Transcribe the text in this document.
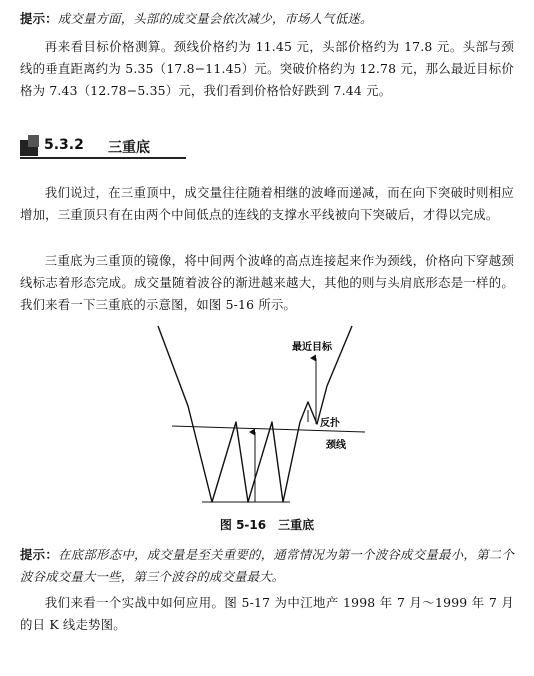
提示：成交量方面，头部的成交量会依次减少，市场人气低迷。
再来看目标价格测算。颈线价格约为 11.45 元，头部价格约为 17.8 元。头部与颈线的垂直距离约为 5.35（17.8−11.45）元。突破价格约为 12.78 元，那么最近目标价格为 7.43（12.78−5.35）元，我们看到价格恰好跌到 7.44 元。
5.3.2 三重底
我们说过，在三重顶中，成交量往往随着相继的波峰而递减，而在向下突破时则相应增加，三重顶只有在由两个中间低点的连线的支撑水平线被向下突破后，才得以完成。
三重底为三重顶的镜像，将中间两个波峰的高点连接起来作为颈线，价格向下穿越颈线标志着形态完成。成交量随着波谷的渐进越来越大，其他的则与头肩底形态是一样的。我们来看一下三重底的示意图，如图 5-16 所示。
最近目标
反扑
颈线
图 5-16　三重底
提示：在底部形态中，成交量是至关重要的，通常情况为第一个波谷成交量最小，第二个波谷成交量大一些，第三个波谷的成交量最大。
我们来看一个实战中如何应用。图 5-17 为中江地产 1998 年 7 月～1999 年 7 月的日 K 线走势图。
